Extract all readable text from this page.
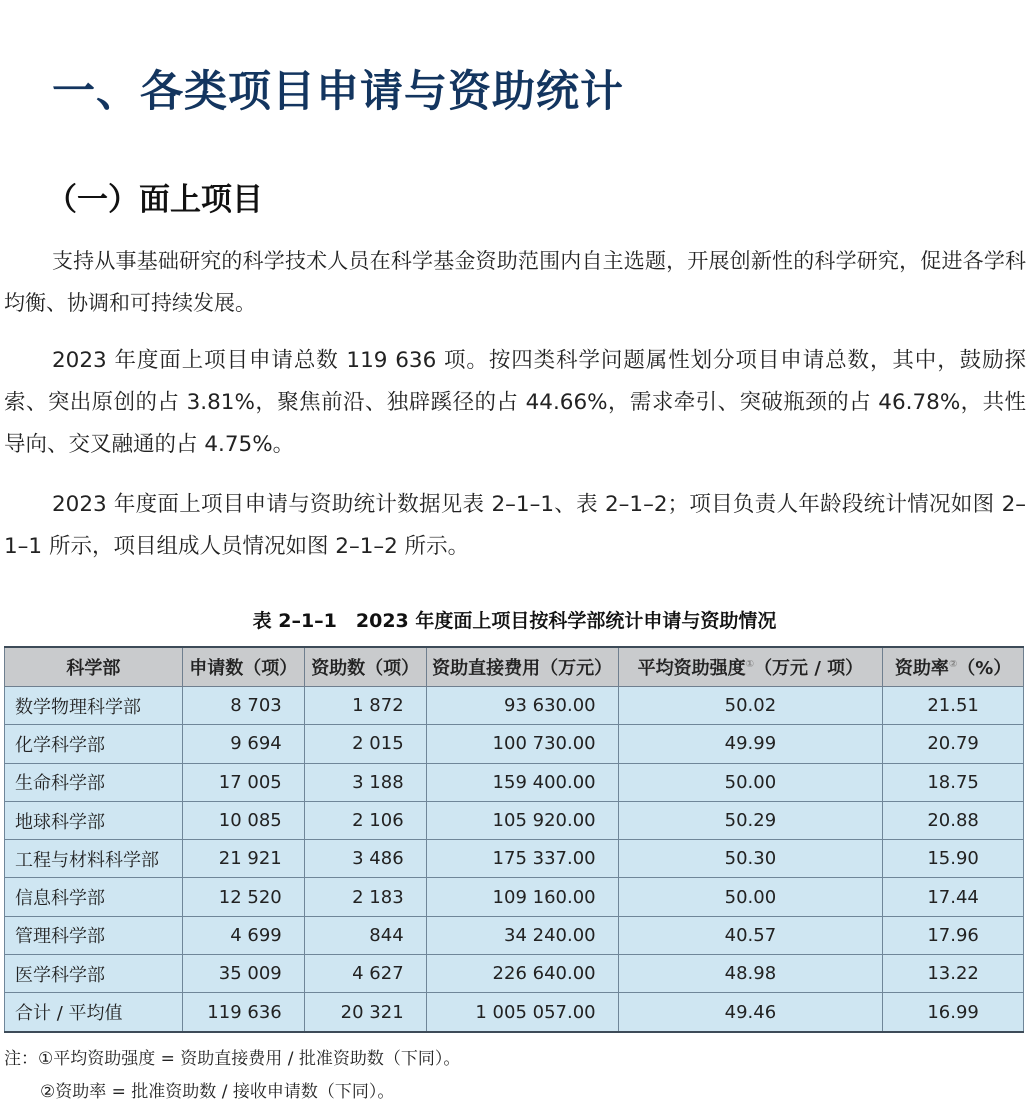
一、各类项目申请与资助统计
（一）面上项目

支持从事基础研究的科学技术人员在科学基金资助范围内自主选题，开展创新性的科学研究，促进各学科均衡、协调和可持续发展。

2023 年度面上项目申请总数 119 636 项。按四类科学问题属性划分项目申请总数，其中，鼓励探索、突出原创的占 3.81%，聚焦前沿、独辟蹊径的占 44.66%，需求牵引、突破瓶颈的占 46.78%，共性导向、交叉融通的占 4.75%。

2023 年度面上项目申请与资助统计数据见表 2–1–1、表 2–1–2；项目负责人年龄段统计情况如图 2–1–1 所示，项目组成人员情况如图 2–1–2 所示。

表 2–1–1　2023 年度面上项目按科学部统计申请与资助情况
科学部	申请数（项）	资助数（项）	资助直接费用（万元）	平均资助强度①（万元 / 项）	资助率②（%）
数学物理科学部	8 703	1 872	93 630.00	50.02	21.51
化学科学部	9 694	2 015	100 730.00	49.99	20.79
生命科学部	17 005	3 188	159 400.00	50.00	18.75
地球科学部	10 085	2 106	105 920.00	50.29	20.88
工程与材料科学部	21 921	3 486	175 337.00	50.30	15.90
信息科学部	12 520	2 183	109 160.00	50.00	17.44
管理科学部	4 699	844	34 240.00	40.57	17.96
医学科学部	35 009	4 627	226 640.00	48.98	13.22
合计 / 平均值	119 636	20 321	1 005 057.00	49.46	16.99
注：①平均资助强度 = 资助直接费用 / 批准资助数（下同）。
②资助率 = 批准资助数 / 接收申请数（下同）。
